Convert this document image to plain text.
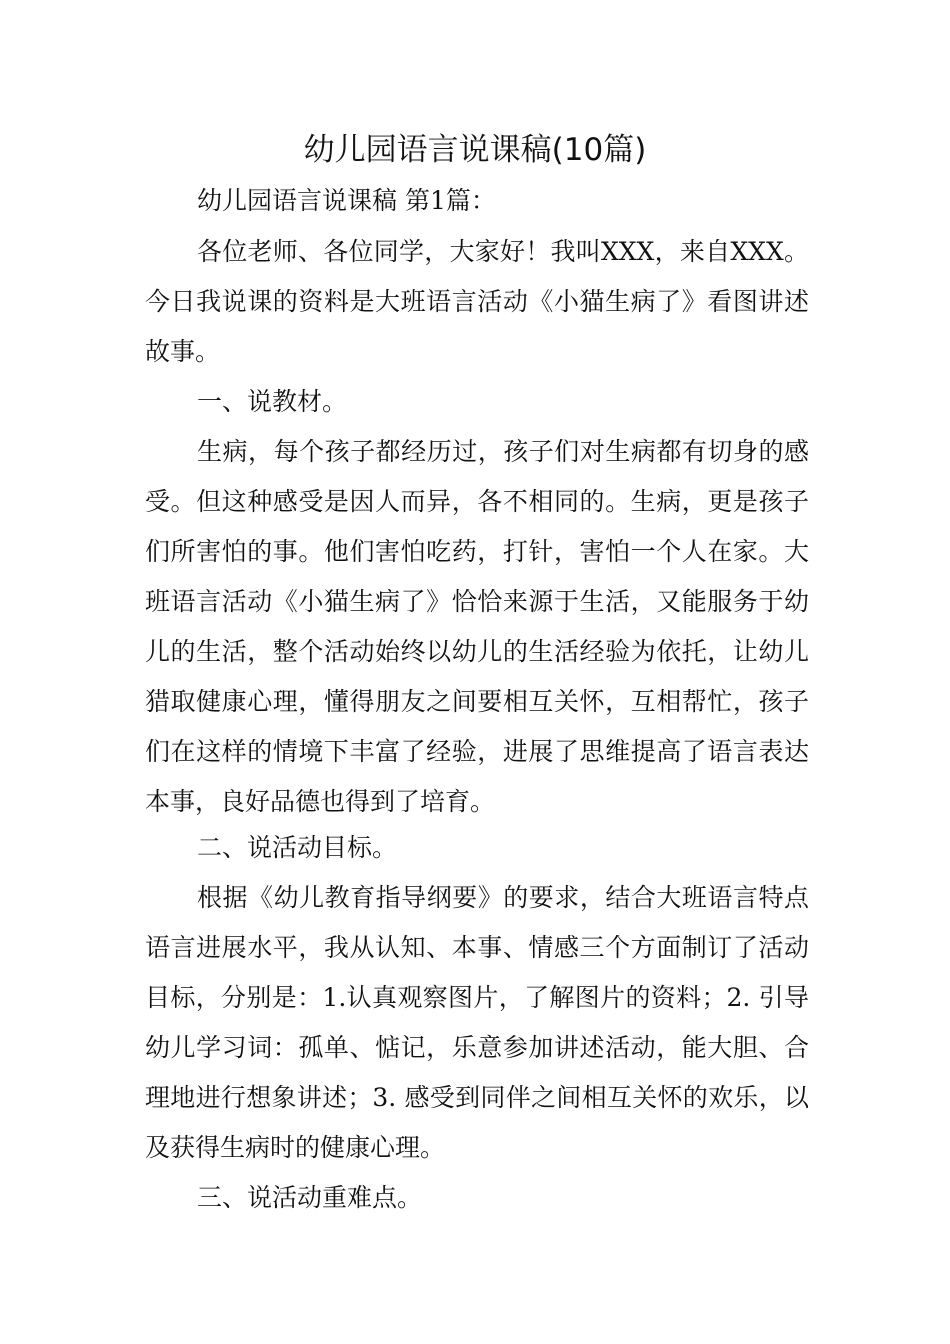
幼儿园语言说课稿(10篇)

幼儿园语言说课稿 第1篇：

各位老师、各位同学，大家好！我叫XXX，来自XXX。今日我说课的资料是大班语言活动《小猫生病了》看图讲述故事。

一、说教材。

生病，每个孩子都经历过，孩子们对生病都有切身的感受。但这种感受是因人而异，各不相同的。生病，更是孩子们所害怕的事。他们害怕吃药，打针，害怕一个人在家。大班语言活动《小猫生病了》恰恰来源于生活，又能服务于幼儿的生活，整个活动始终以幼儿的生活经验为依托，让幼儿猎取健康心理，懂得朋友之间要相互关怀，互相帮忙，孩子们在这样的情境下丰富了经验，进展了思维提高了语言表达本事，良好品德也得到了培育。

二、说活动目标。

根据《幼儿教育指导纲要》的要求，结合大班语言特点语言进展水平，我从认知、本事、情感三个方面制订了活动目标，分别是：1.认真观察图片，了解图片的资料；2. 引导幼儿学习词：孤单、惦记，乐意参加讲述活动，能大胆、合理地进行想象讲述；3. 感受到同伴之间相互关怀的欢乐，以及获得生病时的健康心理。

三、说活动重难点。
